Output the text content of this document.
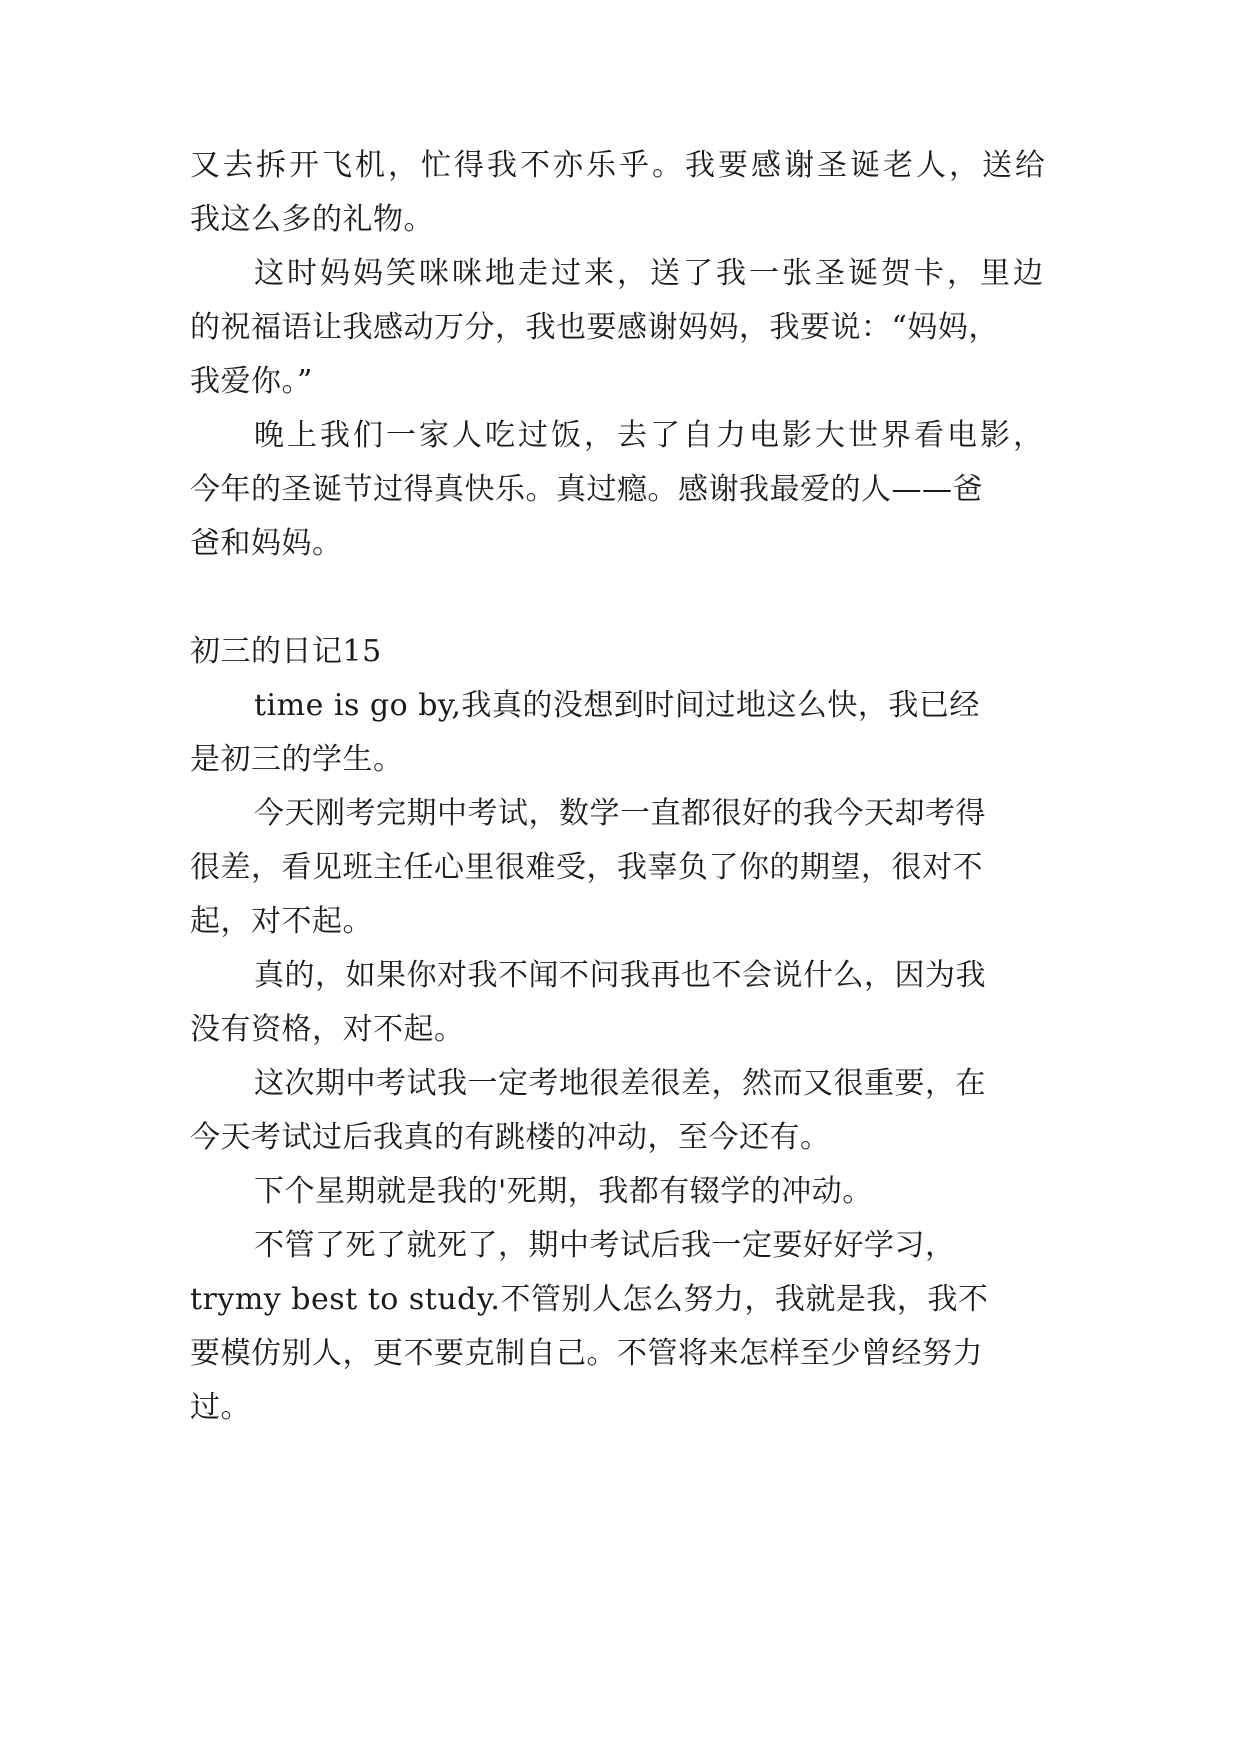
又去拆开飞机，忙得我不亦乐乎。我要感谢圣诞老人，送给
我这么多的礼物。
这时妈妈笑咪咪地走过来，送了我一张圣诞贺卡，里边
的祝福语让我感动万分，我也要感谢妈妈，我要说：“妈妈，
我爱你。”
晚上我们一家人吃过饭，去了自力电影大世界看电影，
今年的圣诞节过得真快乐。真过瘾。感谢我最爱的人——爸
爸和妈妈。
初三的日记15
time is go by,我真的没想到时间过地这么快，我已经
是初三的学生。
今天刚考完期中考试，数学一直都很好的我今天却考得
很差，看见班主任心里很难受，我辜负了你的期望，很对不
起，对不起。
真的，如果你对我不闻不问我再也不会说什么，因为我
没有资格，对不起。
这次期中考试我一定考地很差很差，然而又很重要，在
今天考试过后我真的有跳楼的冲动，至今还有。
下个星期就是我的'死期，我都有辍学的冲动。
不管了死了就死了，期中考试后我一定要好好学习，
trymy best to study.不管别人怎么努力，我就是我，我不
要模仿别人，更不要克制自己。不管将来怎样至少曾经努力
过。
